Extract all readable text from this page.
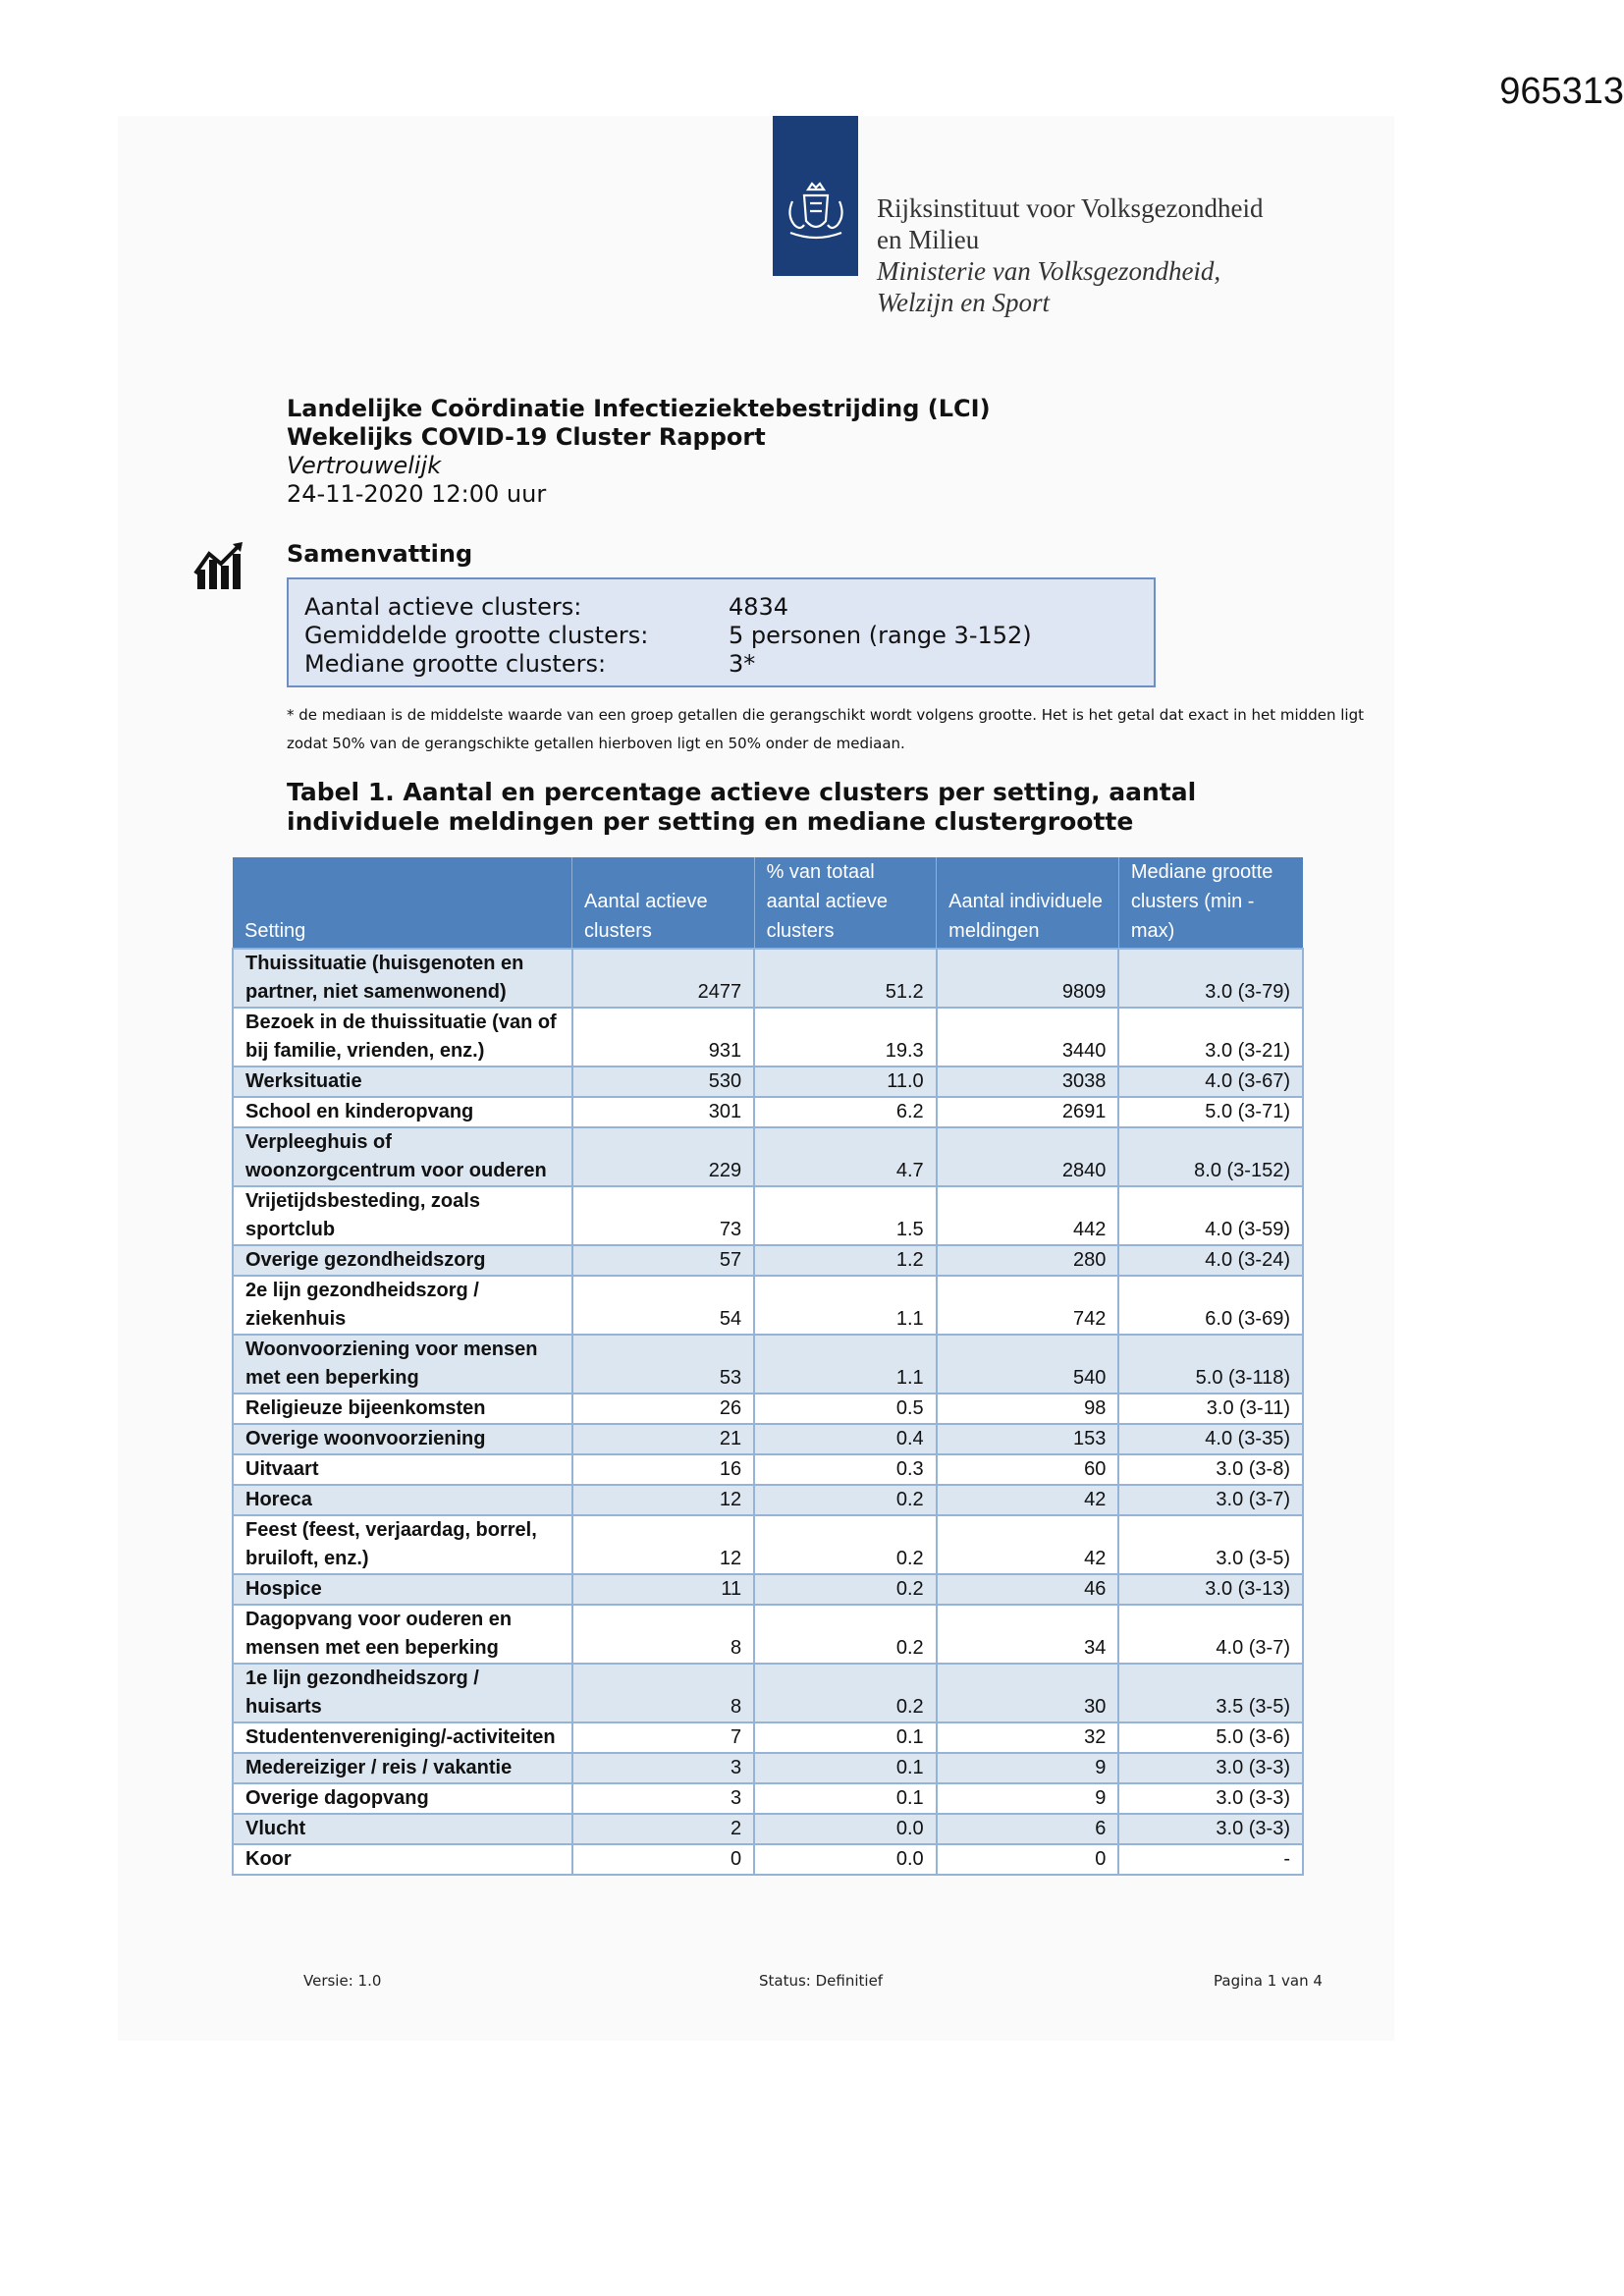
965313
Rijksinstituut voor Volksgezondheid
en Milieu
Ministerie van Volksgezondheid,
Welzijn en Sport
Landelijke Coördinatie Infectieziektebestrijding (LCI)
Wekelijks COVID-19 Cluster Rapport
Vertrouwelijk
24-11-2020 12:00 uur
Samenvatting
Aantal actieve clusters:	4834
Gemiddelde grootte clusters:	5 personen (range 3-152)
Mediane grootte clusters:	3*
* de mediaan is de middelste waarde van een groep getallen die gerangschikt wordt volgens grootte. Het is het getal dat exact in het midden ligt zodat 50% van de gerangschikte getallen hierboven ligt en 50% onder de mediaan.
Tabel 1. Aantal en percentage actieve clusters per setting, aantal individuele meldingen per setting en mediane clustergrootte
Setting	Aantal actieve clusters	% van totaal aantal actieve clusters	Aantal individuele meldingen	Mediane grootte clusters (min - max)
Thuissituatie (huisgenoten en partner, niet samenwonend)	2477	51.2	9809	3.0 (3-79)
Bezoek in de thuissituatie (van of bij familie, vrienden, enz.)	931	19.3	3440	3.0 (3-21)
Werksituatie	530	11.0	3038	4.0 (3-67)
School en kinderopvang	301	6.2	2691	5.0 (3-71)
Verpleeghuis of woonzorgcentrum voor ouderen	229	4.7	2840	8.0 (3-152)
Vrijetijdsbesteding, zoals sportclub	73	1.5	442	4.0 (3-59)
Overige gezondheidszorg	57	1.2	280	4.0 (3-24)
2e lijn gezondheidszorg / ziekenhuis	54	1.1	742	6.0 (3-69)
Woonvoorziening voor mensen met een beperking	53	1.1	540	5.0 (3-118)
Religieuze bijeenkomsten	26	0.5	98	3.0 (3-11)
Overige woonvoorziening	21	0.4	153	4.0 (3-35)
Uitvaart	16	0.3	60	3.0 (3-8)
Horeca	12	0.2	42	3.0 (3-7)
Feest (feest, verjaardag, borrel, bruiloft, enz.)	12	0.2	42	3.0 (3-5)
Hospice	11	0.2	46	3.0 (3-13)
Dagopvang voor ouderen en mensen met een beperking	8	0.2	34	4.0 (3-7)
1e lijn gezondheidszorg / huisarts	8	0.2	30	3.5 (3-5)
Studentenvereniging/-activiteiten	7	0.1	32	5.0 (3-6)
Medereiziger / reis / vakantie	3	0.1	9	3.0 (3-3)
Overige dagopvang	3	0.1	9	3.0 (3-3)
Vlucht	2	0.0	6	3.0 (3-3)
Koor	0	0.0	0	-
Versie: 1.0	Status: Definitief	Pagina 1 van 4
